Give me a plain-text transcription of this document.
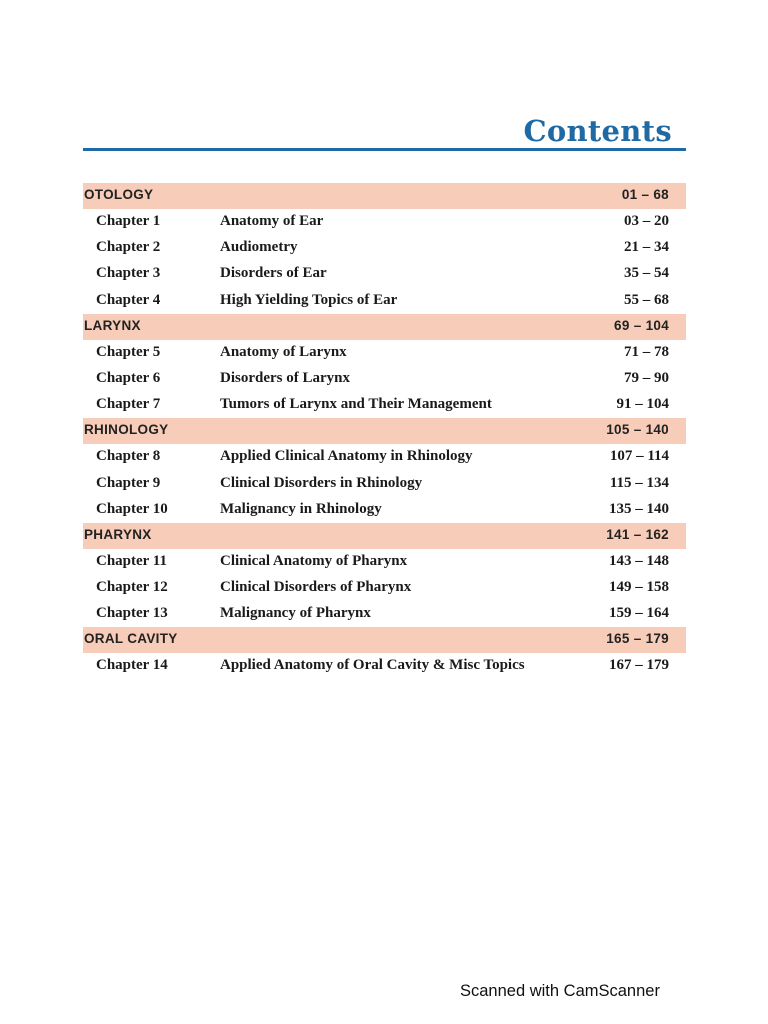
Contents
OTOLOGY	01 – 68
Chapter 1	Anatomy of Ear	03 – 20
Chapter 2	Audiometry	21 – 34
Chapter 3	Disorders of Ear	35 – 54
Chapter 4	High Yielding Topics of Ear	55 – 68
LARYNX	69 – 104
Chapter 5	Anatomy of Larynx	71 – 78
Chapter 6	Disorders of Larynx	79 – 90
Chapter 7	Tumors of Larynx and Their Management	91 – 104
RHINOLOGY	105 – 140
Chapter 8	Applied Clinical Anatomy in Rhinology	107 – 114
Chapter 9	Clinical Disorders in Rhinology	115 – 134
Chapter 10	Malignancy in Rhinology	135 – 140
PHARYNX	141 – 162
Chapter 11	Clinical Anatomy of Pharynx	143 – 148
Chapter 12	Clinical Disorders of Pharynx	149 – 158
Chapter 13	Malignancy of Pharynx	159 – 164
ORAL CAVITY	165 – 179
Chapter 14	Applied Anatomy of Oral Cavity & Misc Topics	167 – 179
Scanned with CamScanner
